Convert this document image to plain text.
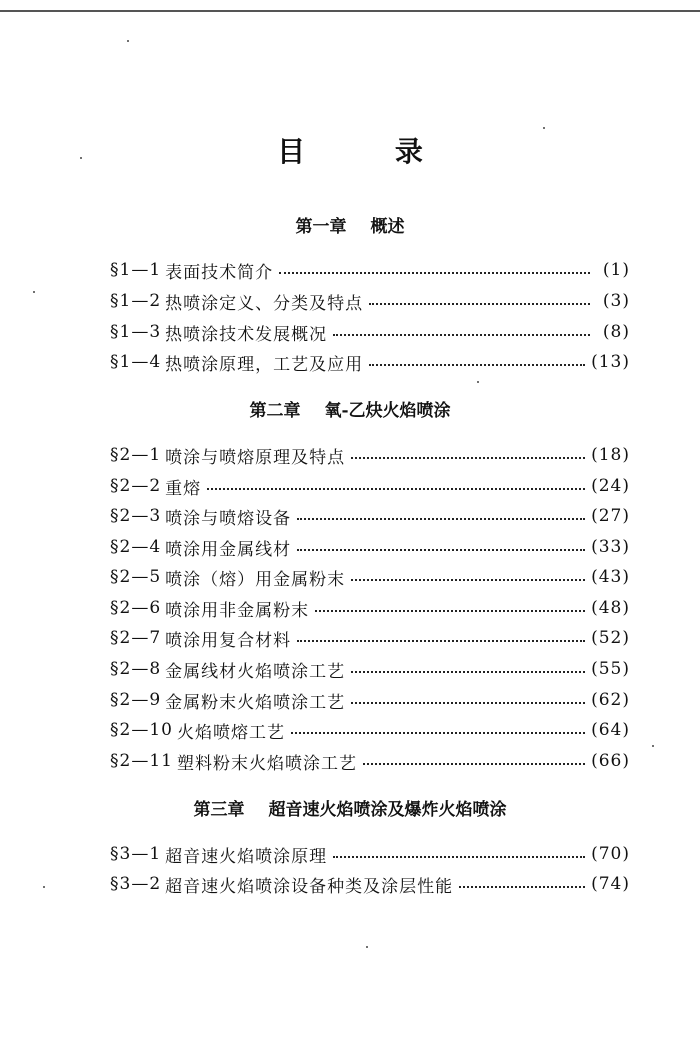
目 录
第一章 概述
§1—1 表面技术简介	(1)
§1—2 热喷涂定义、分类及特点	(3)
§1—3 热喷涂技术发展概况	(8)
§1—4 热喷涂原理，工艺及应用	(13)
第二章 氧-乙炔火焰喷涂
§2—1 喷涂与喷熔原理及特点	(18)
§2—2 重熔	(24)
§2—3 喷涂与喷熔设备	(27)
§2—4 喷涂用金属线材	(33)
§2—5 喷涂（熔）用金属粉末	(43)
§2—6 喷涂用非金属粉末	(48)
§2—7 喷涂用复合材料	(52)
§2—8 金属线材火焰喷涂工艺	(55)
§2—9 金属粉末火焰喷涂工艺	(62)
§2—10 火焰喷熔工艺	(64)
§2—11 塑料粉末火焰喷涂工艺	(66)
第三章 超音速火焰喷涂及爆炸火焰喷涂
§3—1 超音速火焰喷涂原理	(70)
§3—2 超音速火焰喷涂设备种类及涂层性能	(74)
